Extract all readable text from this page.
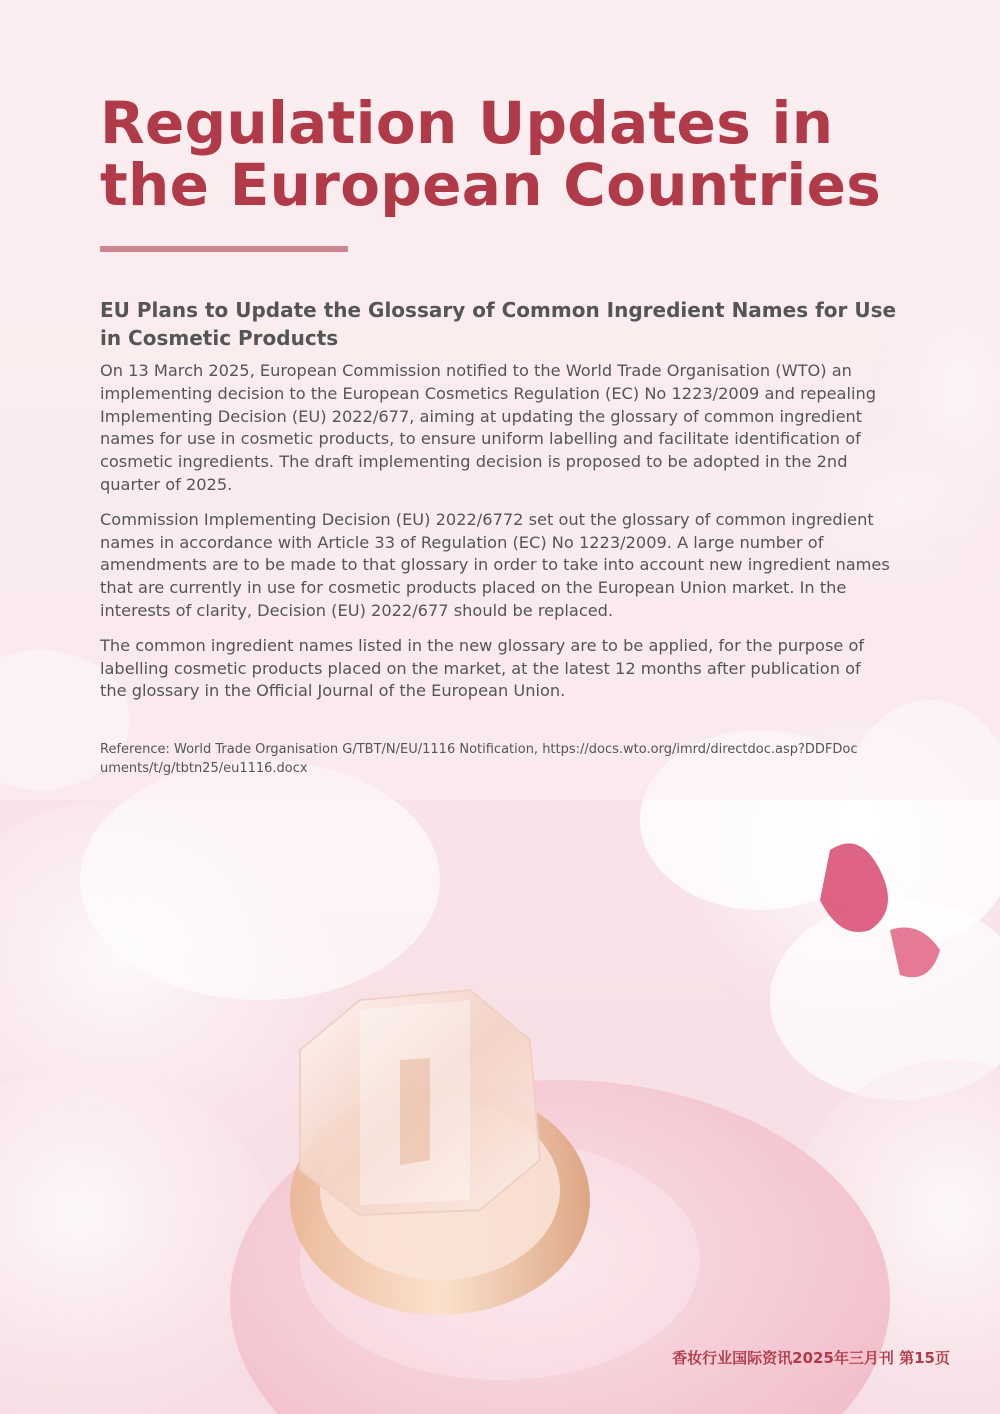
Regulation Updates in the European Countries
EU Plans to Update the Glossary of Common Ingredient Names for Use in Cosmetic Products

On 13 March 2025, European Commission notified to the World Trade Organisation (WTO) an implementing decision to the European Cosmetics Regulation (EC) No 1223/2009 and repealing Implementing Decision (EU) 2022/677, aiming at updating the glossary of common ingredient names for use in cosmetic products, to ensure uniform labelling and facilitate identification of cosmetic ingredients. The draft implementing decision is proposed to be adopted in the 2nd quarter of 2025.

Commission Implementing Decision (EU) 2022/6772 set out the glossary of common ingredient names in accordance with Article 33 of Regulation (EC) No 1223/2009. A large number of amendments are to be made to that glossary in order to take into account new ingredient names that are currently in use for cosmetic products placed on the European Union market. In the interests of clarity, Decision (EU) 2022/677 should be replaced.

The common ingredient names listed in the new glossary are to be applied, for the purpose of labelling cosmetic products placed on the market, at the latest 12 months after publication of the glossary in the Official Journal of the European Union.

Reference: World Trade Organisation G/TBT/N/EU/1116 Notification, https://docs.wto.org/imrd/directdoc.asp?DDFDocuments/t/g/tbtn25/eu1116.docx

香妆行业国际资讯2025年三月刊 第15页
